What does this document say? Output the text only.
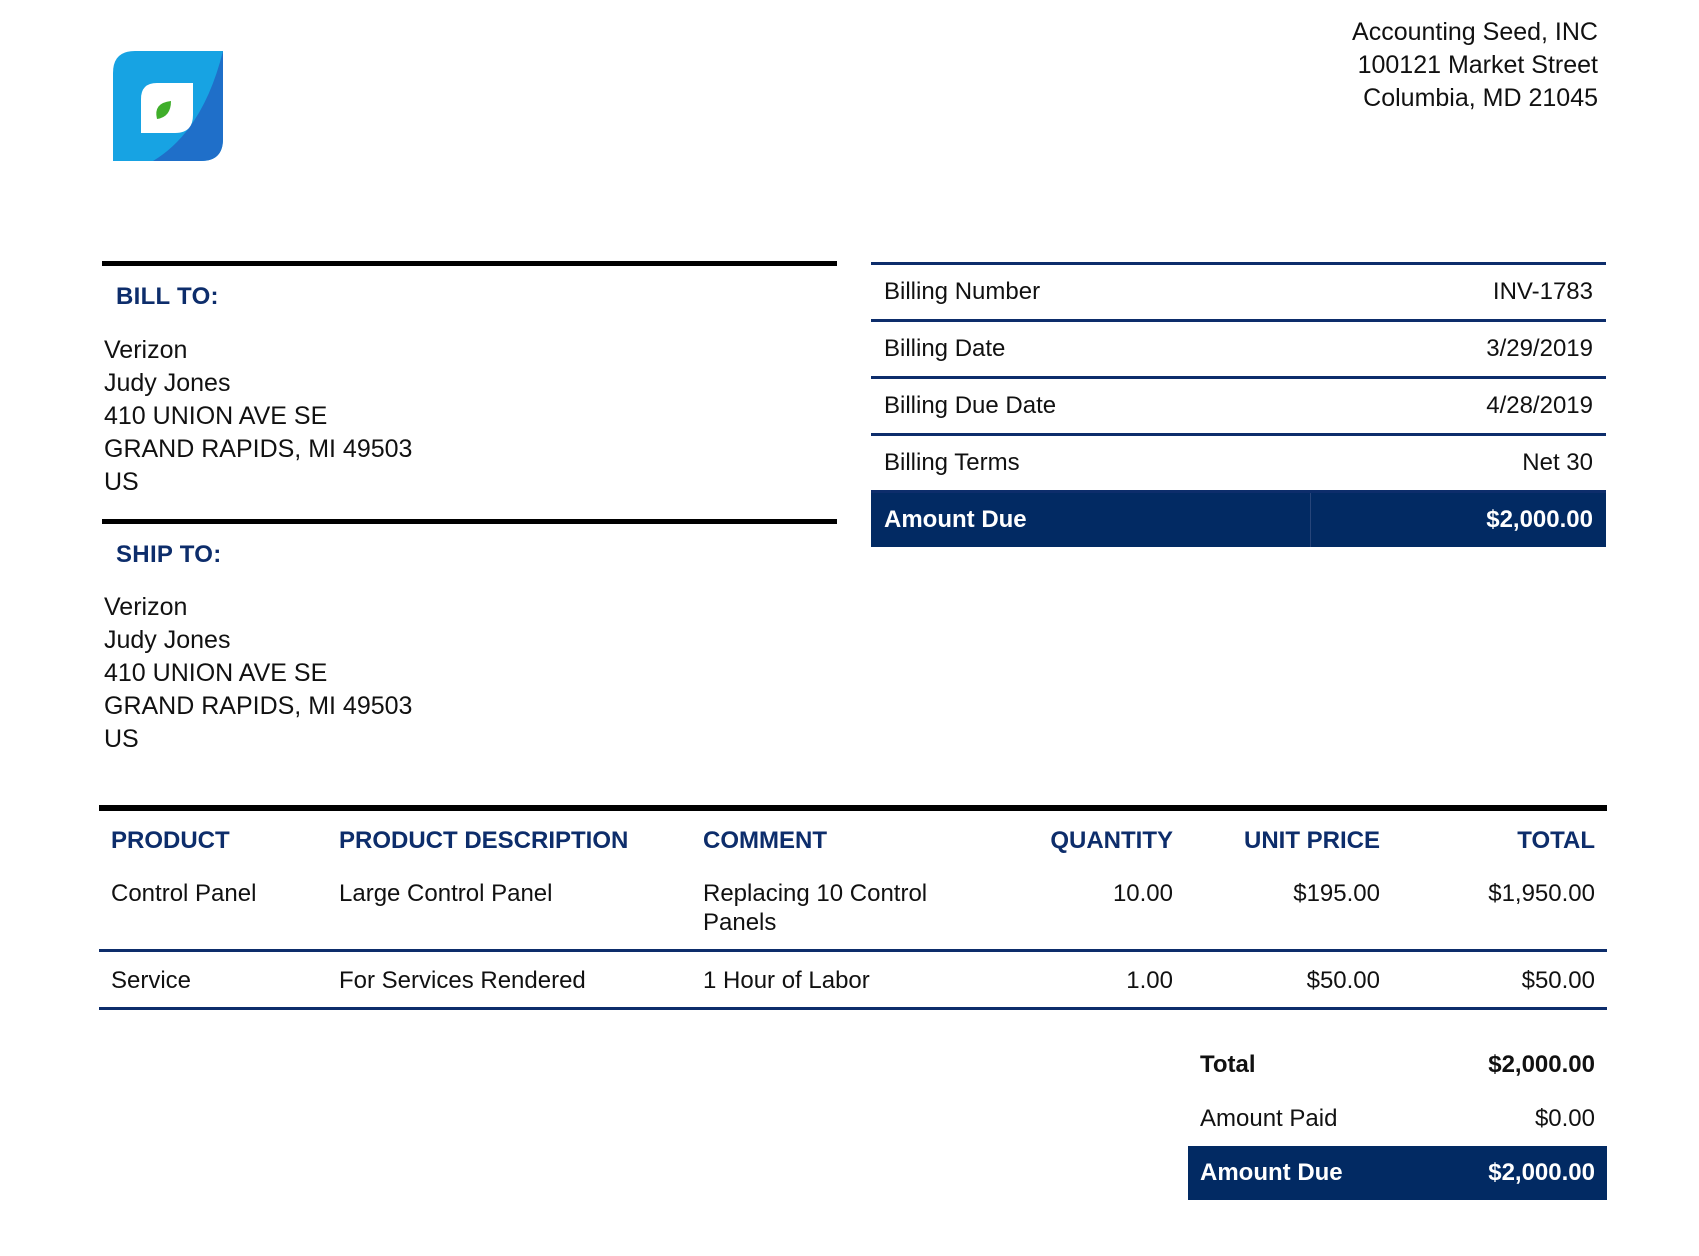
Accounting Seed, INC
100121 Market Street
Columbia, MD 21045
BILL TO:
Verizon
Judy Jones
410 UNION AVE SE
GRAND RAPIDS, MI 49503
US
SHIP TO:
Verizon
Judy Jones
410 UNION AVE SE
GRAND RAPIDS, MI 49503
US
Billing Number	INV-1783
Billing Date	3/29/2019
Billing Due Date	4/28/2019
Billing Terms	Net 30
Amount Due	$2,000.00
PRODUCT	PRODUCT DESCRIPTION	COMMENT	QUANTITY	UNIT PRICE	TOTAL
Control Panel	Large Control Panel	Replacing 10 Control Panels	10.00	$195.00	$1,950.00
Service	For Services Rendered	1 Hour of Labor	1.00	$50.00	$50.00
Total	$2,000.00
Amount Paid	$0.00
Amount Due	$2,000.00
